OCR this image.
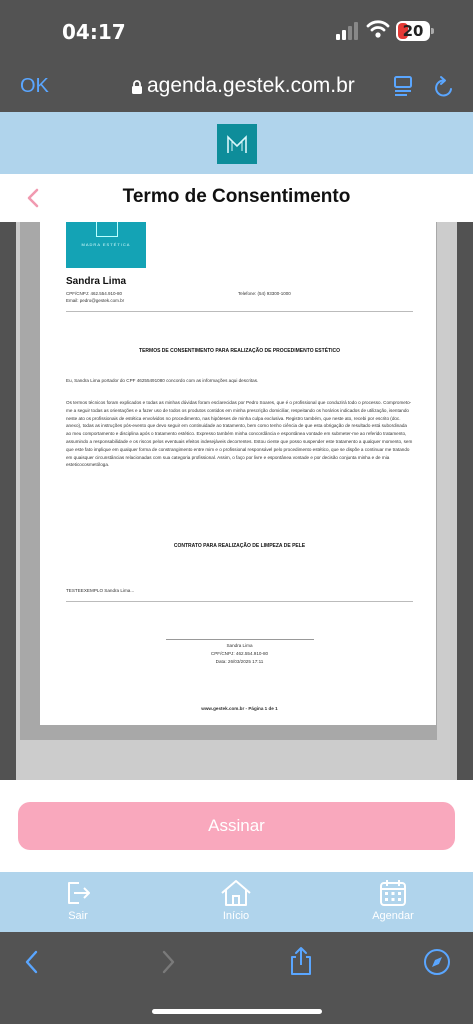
04:17	20
OK	agenda.gestek.com.br
Termo de Consentimento
MADRA ESTÉTICA
Sandra Lima
CPF/CNPJ: 462.554.910-80
Email: pedro@gestek.com.br
Telefone: (54) 93300-1000
TERMOS DE CONSENTIMENTO PARA REALIZAÇÃO DE PROCEDIMENTO ESTÉTICO
Eu, Sandra Lima portador do CPF 46255491080 concordo com as informações aqui descritas.
Os termos técnicos foram explicados e todas as minhas dúvidas foram esclarecidas por Pedro Soares, que é o profissional que conduzirá todo o processo. Comprometo-me a seguir todas as orientações e a fazer uso de todos os produtos contidos em minha prescrição domiciliar, respeitando os horários indicados de utilização, isentando neste ato os profissionais de estética envolvidos no procedimento, nas hipóteses de minha culpa exclusiva. Registro também, que neste ato, recebi por escrito (doc. anexo), todas as instruções pós-evento que devo seguir em continuidade ao tratamento, bem como tenho ciência de que esta obrigação de resultado está subordinada ao meu comportamento e disciplina após o tratamento estético. Expresso também minha concordância e espontânea vontade em submeter-me ao referido tratamento, assumindo a responsabilidade e os riscos pelos eventuais efeitos indesejáveis decorrentes. Estou ciente que posso suspender este tratamento a qualquer momento, sem que este fato implique em qualquer forma de constrangimento entre mim e o profissional responsável pelo procedimento estético, que se dispõe a continuar me tratando em quaisquer circunstâncias relacionadas com sua categoria profissional. Assim, o faço por livre e espontânea vontade e por decisão conjunta minha e de mia esteticocosmetóloga.
CONTRATO PARA REALIZAÇÃO DE LIMPEZA DE PELE
TESTEEXEMPLO Sandra Lima...
Sandra Lima
CPF/CNPJ: 462.554.910-80
Data: 26/03/2025 17:11
www.gestek.com.br - Página 1 de 1
Assinar
Sair	Início	Agendar
